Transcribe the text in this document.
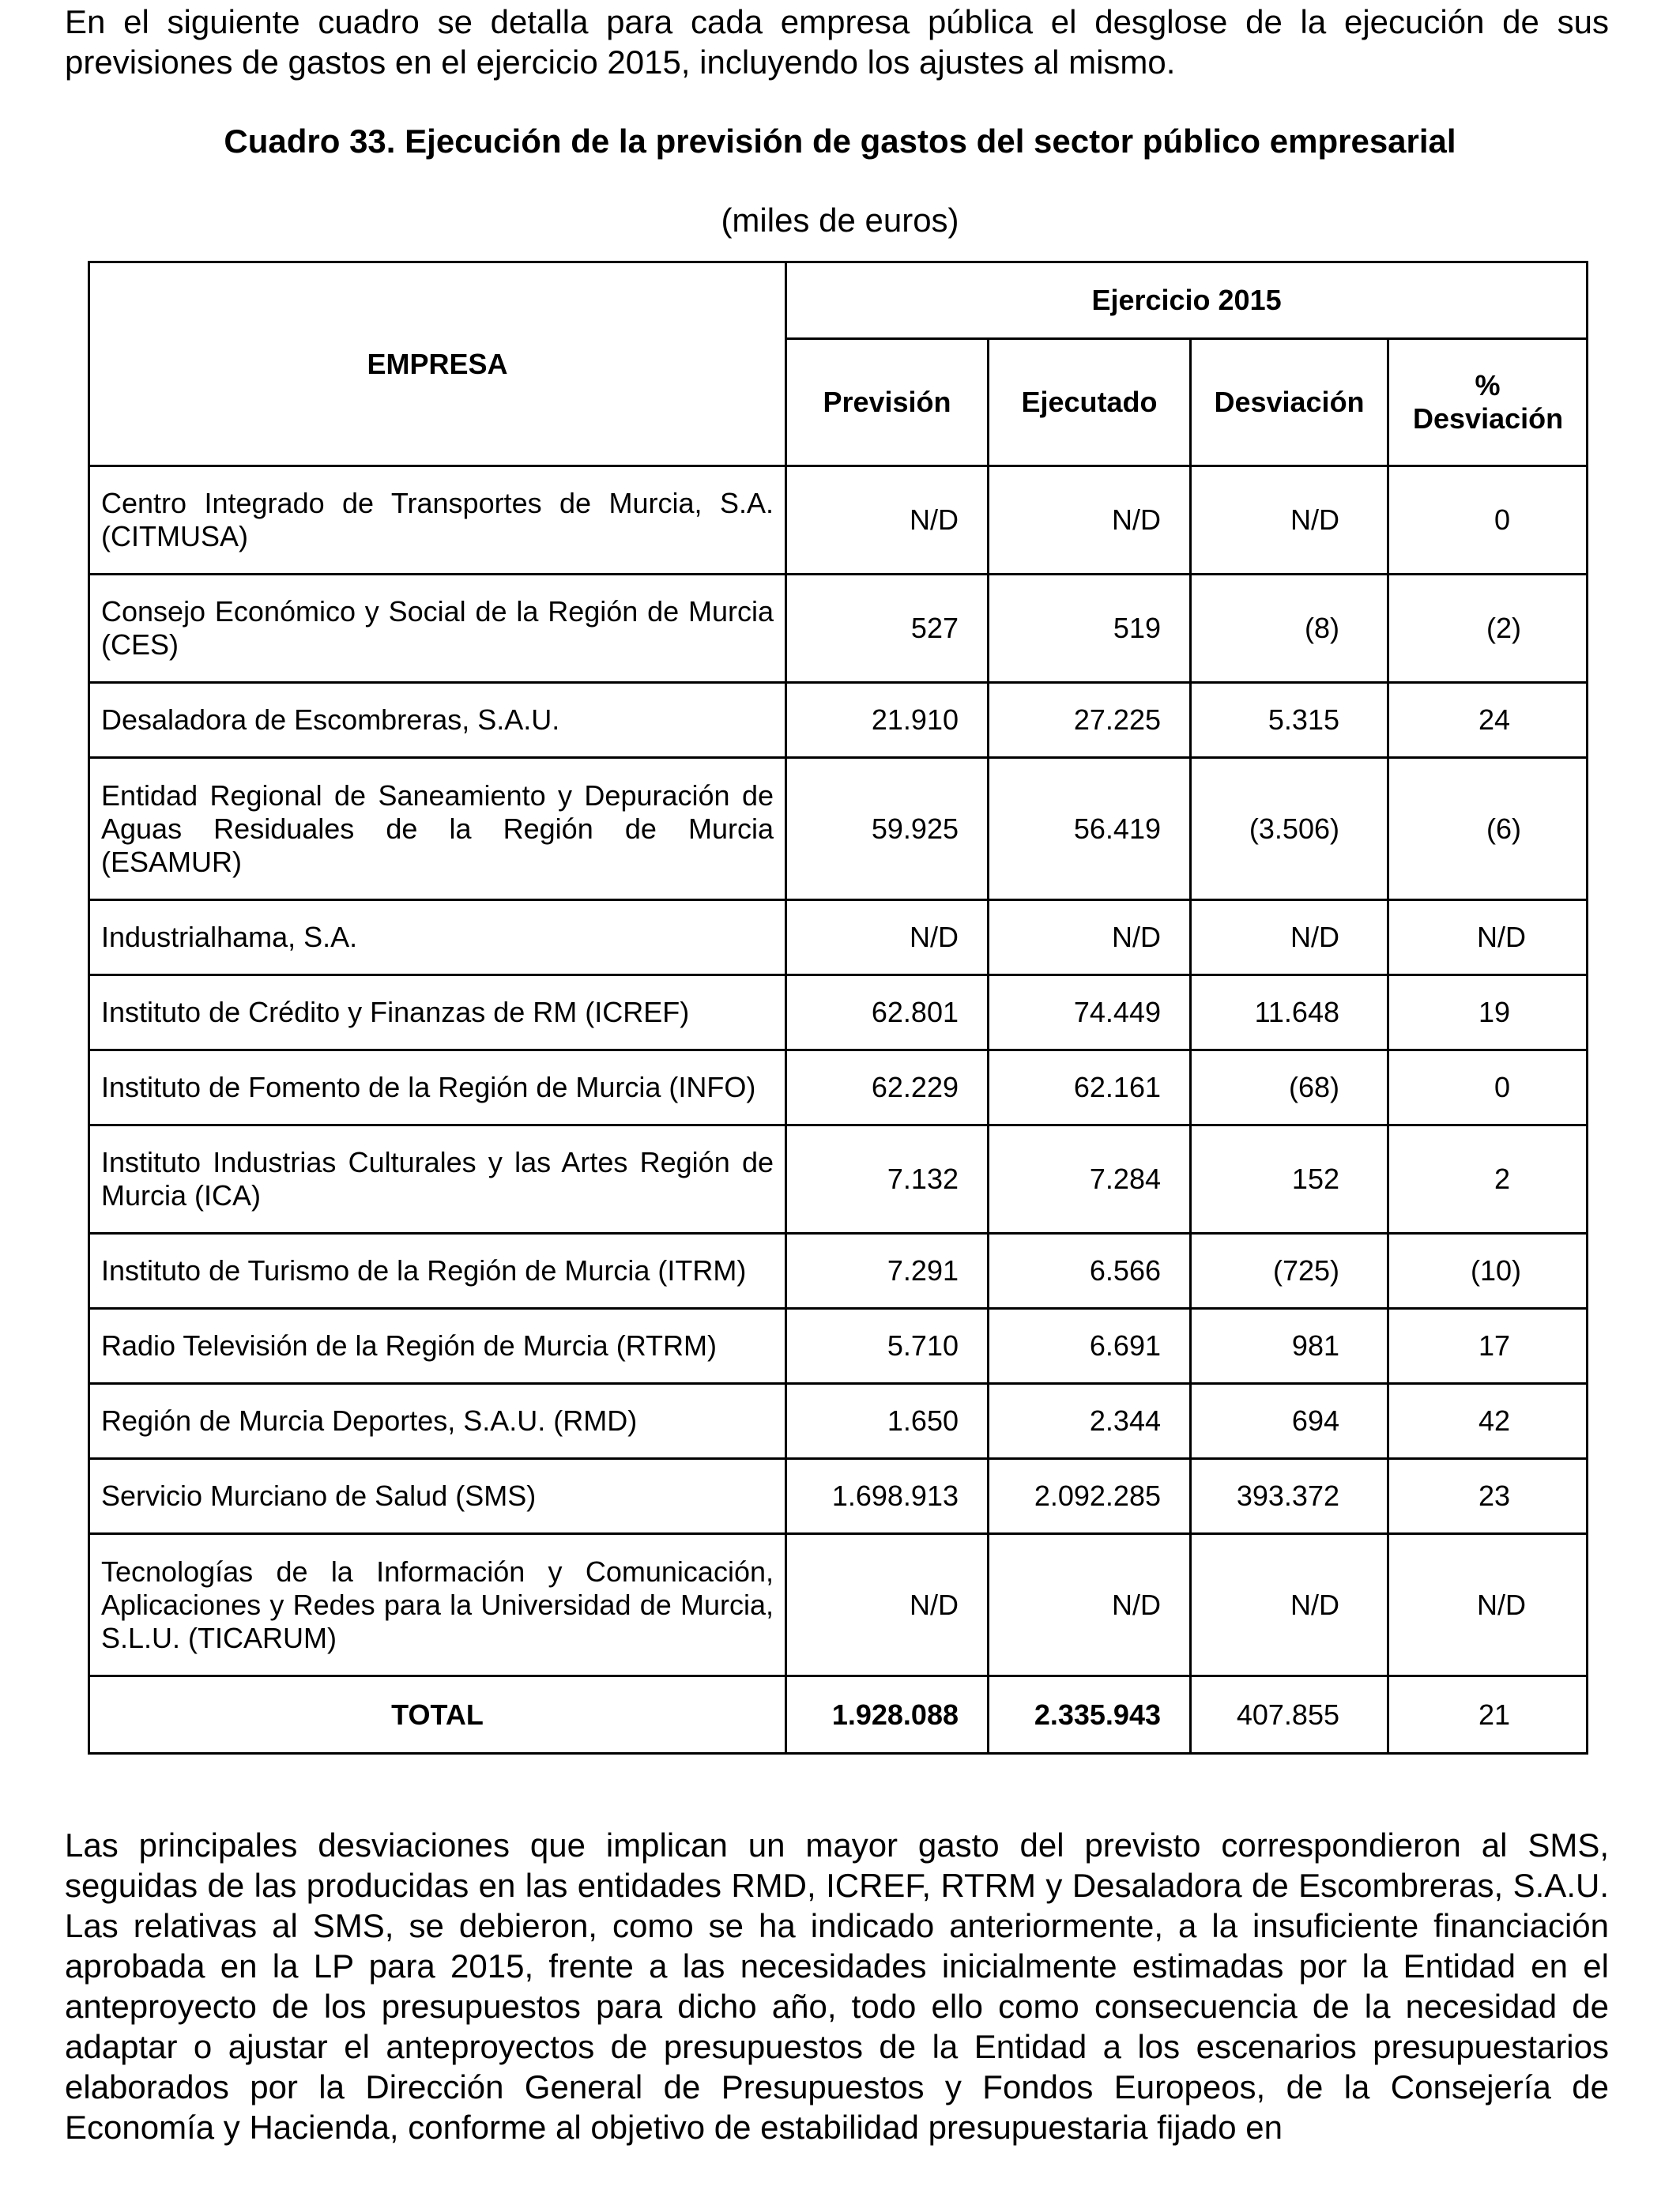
En el siguiente cuadro se detalla para cada empresa pública el desglose de la ejecución de sus previsiones de gastos en el ejercicio 2015, incluyendo los ajustes al mismo.

Cuadro 33. Ejecución de la previsión de gastos del sector público empresarial

(miles de euros)

EMPRESA	Ejercicio 2015			
	Previsión	Ejecutado	Desviación	% Desviación
Centro Integrado de Transportes de Murcia, S.A. (CITMUSA)	N/D	N/D	N/D	0
Consejo Económico y Social de la Región de Murcia (CES)	527	519	(8)	(2)
Desaladora de Escombreras, S.A.U.	21.910	27.225	5.315	24
Entidad Regional de Saneamiento y Depuración de Aguas Residuales de la Región de Murcia (ESAMUR)	59.925	56.419	(3.506)	(6)
Industrialhama, S.A.	N/D	N/D	N/D	N/D
Instituto de Crédito y Finanzas de RM (ICREF)	62.801	74.449	11.648	19
Instituto de Fomento de la Región de Murcia (INFO)	62.229	62.161	(68)	0
Instituto Industrias Culturales y las Artes Región de Murcia (ICA)	7.132	7.284	152	2
Instituto de Turismo de la Región de Murcia (ITRM)	7.291	6.566	(725)	(10)
Radio Televisión de la Región de Murcia (RTRM)	5.710	6.691	981	17
Región de Murcia Deportes, S.A.U. (RMD)	1.650	2.344	694	42
Servicio Murciano de Salud (SMS)	1.698.913	2.092.285	393.372	23
Tecnologías de la Información y Comunicación, Aplicaciones y Redes para la Universidad de Murcia, S.L.U. (TICARUM)	N/D	N/D	N/D	N/D
TOTAL	1.928.088	2.335.943	407.855	21

Las principales desviaciones que implican un mayor gasto del previsto correspondieron al SMS, seguidas de las producidas en las entidades RMD, ICREF, RTRM y Desaladora de Escombreras, S.A.U. Las relativas al SMS, se debieron, como se ha indicado anteriormente, a la insuficiente financiación aprobada en la LP para 2015, frente a las necesidades inicialmente estimadas por la Entidad en el anteproyecto de los presupuestos para dicho año, todo ello como consecuencia de la necesidad de adaptar o ajustar el anteproyectos de presupuestos de la Entidad a los escenarios presupuestarios elaborados por la Dirección General de Presupuestos y Fondos Europeos, de la Consejería de Economía y Hacienda, conforme al objetivo de estabilidad presupuestaria fijado en
